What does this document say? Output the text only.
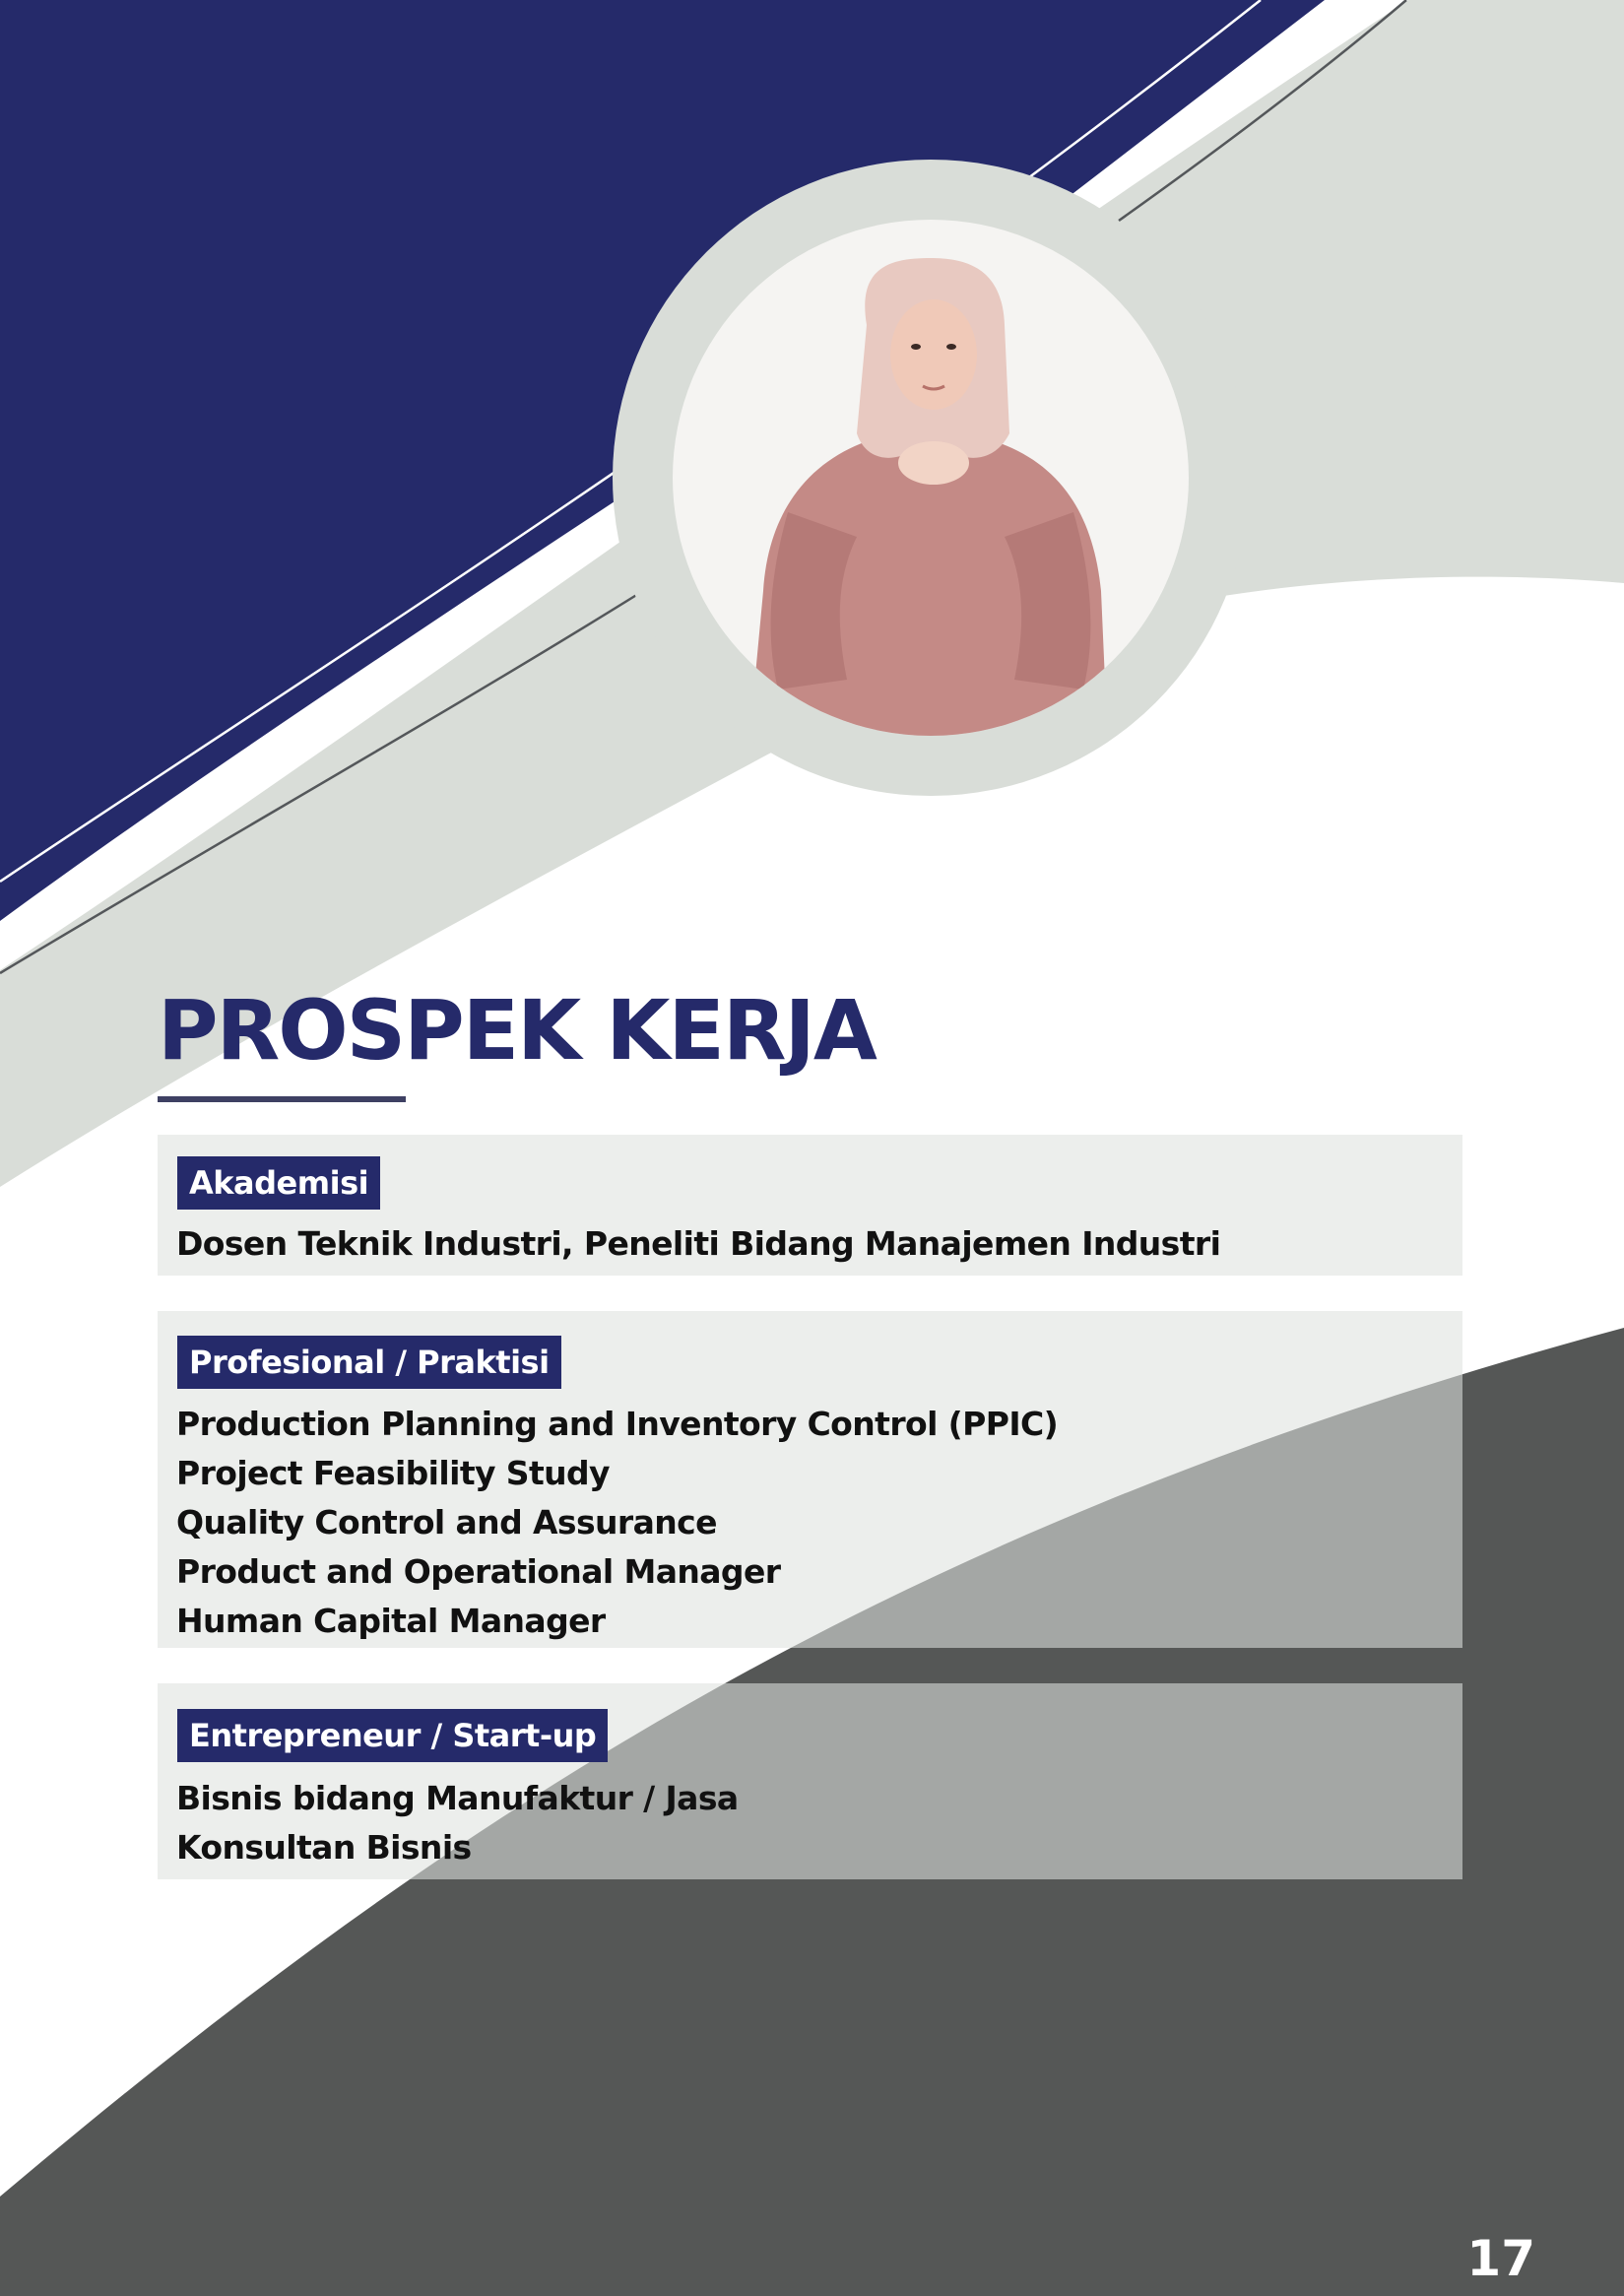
PROSPEK KERJA
Akademisi
Dosen Teknik Industri, Peneliti Bidang Manajemen Industri
Profesional / Praktisi
Production Planning and Inventory Control (PPIC)
Project Feasibility Study
Quality Control and Assurance
Product and Operational Manager
Human Capital Manager
Entrepreneur / Start-up
Bisnis bidang Manufaktur / Jasa
Konsultan Bisnis
17
